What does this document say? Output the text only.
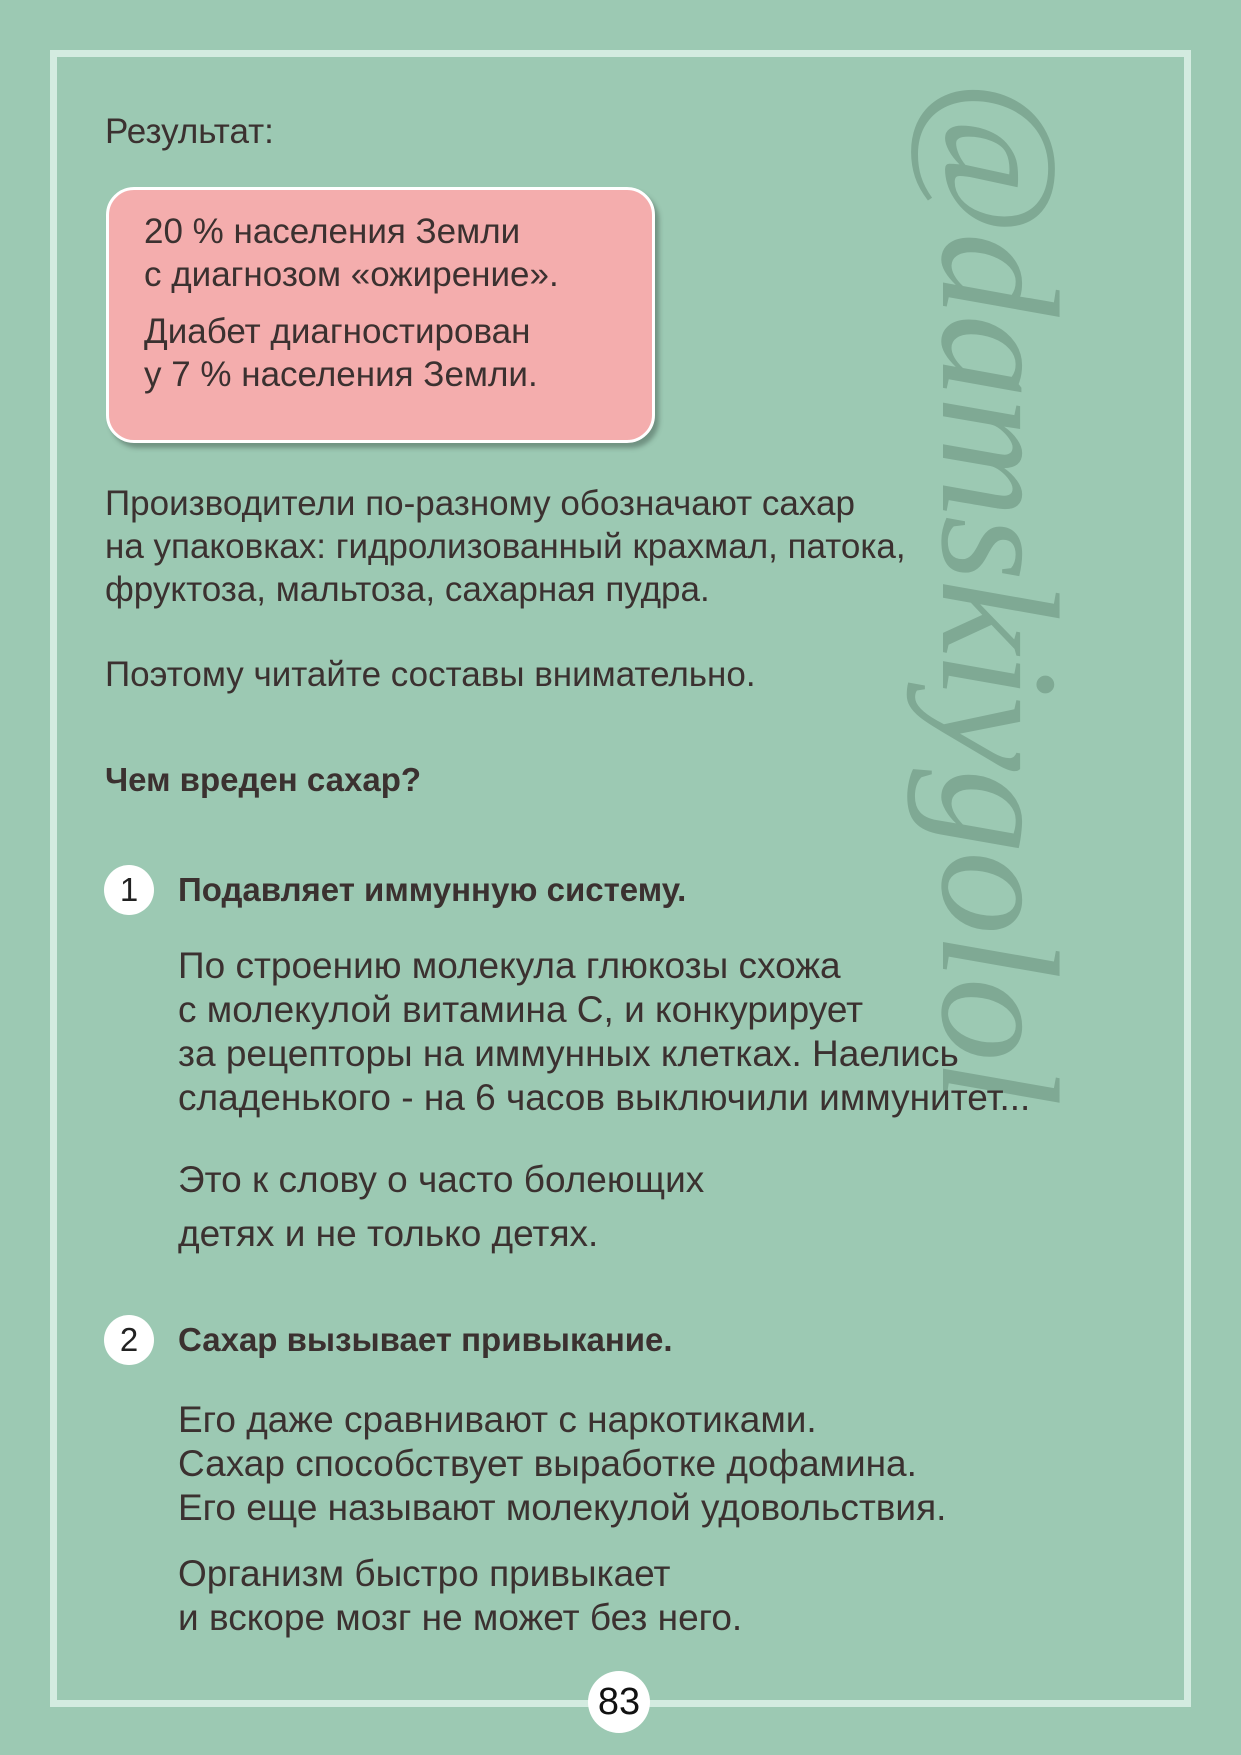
@damskiygolol
Результат:

20 % населения Земли

с диагнозом «ожирение».

Диабет диагностирован

у 7 % населения Земли.

Производители по-разному обозначают сахар
на упаковках: гидролизованный крахмал, патока,
фруктоза, мальтоза, сахарная пудра.
Поэтому читайте составы внимательно.
Чем вреден сахар?
1	Подавляет иммунную систему.
По строению молекула глюкозы схожа
с молекулой витамина С, и конкурирует
за рецепторы на иммунных клетках. Наелись
сладенького - на 6 часов выключили иммунитет...
Это к слову о часто болеющих
детях и не только детях.
2	Сахар вызывает привыкание.
Его даже сравнивают с наркотиками.
Сахар способствует выработке дофамина.
Его еще называют молекулой удовольствия.
Организм быстро привыкает
и вскоре мозг не может без него.
83
